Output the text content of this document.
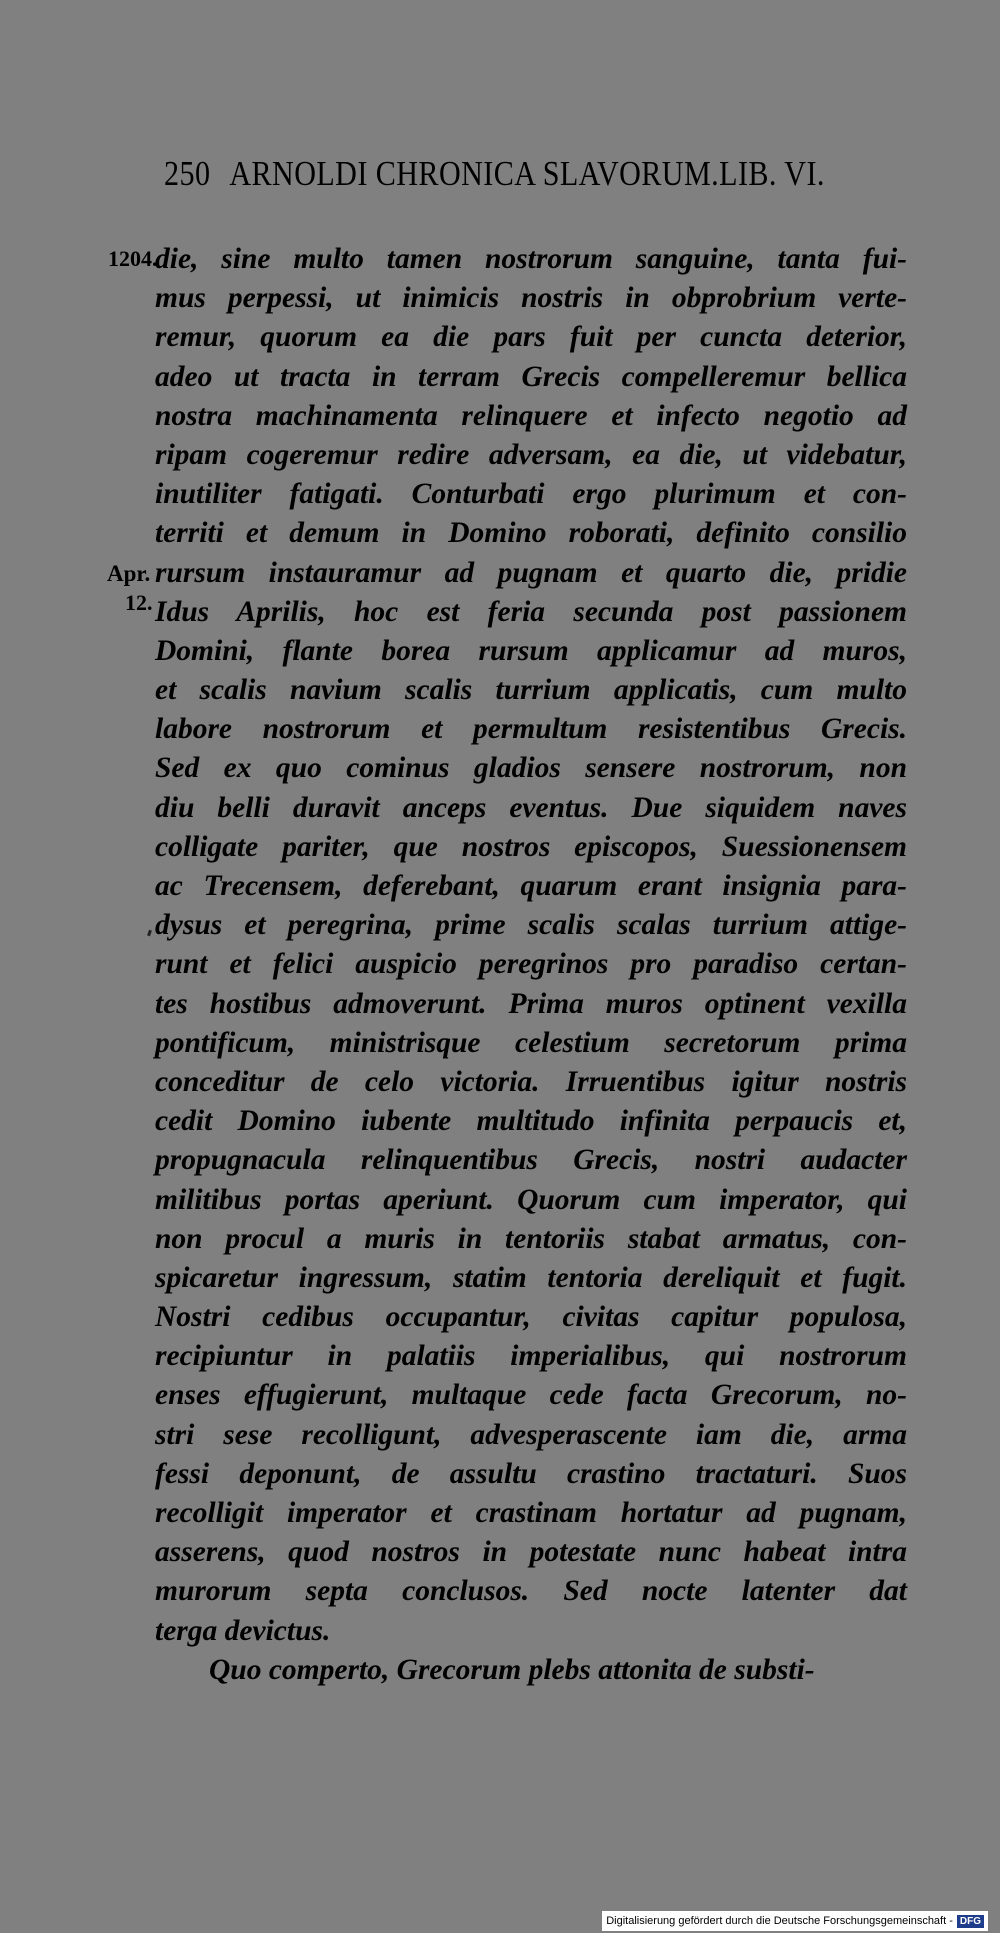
250 ARNOLDI CHRONICA SLAVORUM. LIB. VI.
1204.
Apr.
12.
die, sine multo tamen nostrorum sanguine, tanta fui-
mus perpessi, ut inimicis nostris in obprobrium verte-
remur, quorum ea die pars fuit per cuncta deterior,
adeo ut tracta in terram Grecis compelleremur bellica
nostra machinamenta relinquere et infecto negotio ad
ripam cogeremur redire adversam, ea die, ut videbatur,
inutiliter fatigati. Conturbati ergo plurimum et con-
territi et demum in Domino roborati, definito consilio
rursum instauramur ad pugnam et quarto die, pridie
Idus Aprilis, hoc est feria secunda post passionem
Domini, flante borea rursum applicamur ad muros,
et scalis navium scalis turrium applicatis, cum multo
labore nostrorum et permultum resistentibus Grecis.
Sed ex quo cominus gladios sensere nostrorum, non
diu belli duravit anceps eventus. Due siquidem naves
colligate pariter, que nostros episcopos, Suessionensem
ac Trecensem, deferebant, quarum erant insignia para-
dysus et peregrina, prime scalis scalas turrium attige-
runt et felici auspicio peregrinos pro paradiso certan-
tes hostibus admoverunt. Prima muros optinent vexilla
pontificum, ministrisque celestium secretorum prima
conceditur de celo victoria. Irruentibus igitur nostris
cedit Domino iubente multitudo infinita perpaucis et,
propugnacula relinquentibus Grecis, nostri audacter
militibus portas aperiunt. Quorum cum imperator, qui
non procul a muris in tentoriis stabat armatus, con-
spicaretur ingressum, statim tentoria dereliquit et fugit.
Nostri cedibus occupantur, civitas capitur populosa,
recipiuntur in palatiis imperialibus, qui nostrorum
enses effugierunt, multaque cede facta Grecorum, no-
stri sese recolligunt, advesperascente iam die, arma
fessi deponunt, de assultu crastino tractaturi. Suos
recolligit imperator et crastinam hortatur ad pugnam,
asserens, quod nostros in potestate nunc habeat intra
murorum septa conclusos. Sed nocte latenter dat
terga devictus.
Quo comperto, Grecorum plebs attonita de substi-
Digitalisierung gefördert durch die Deutsche Forschungsgemeinschaft - DFG
